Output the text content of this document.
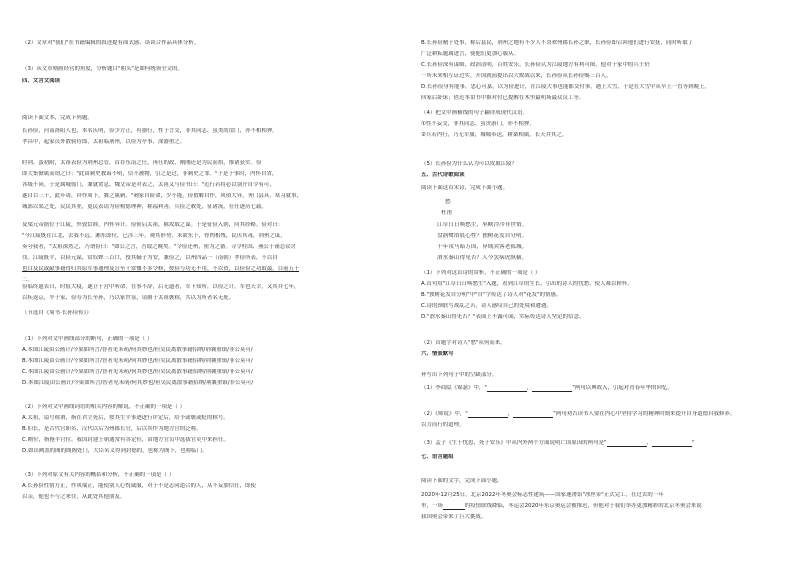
（2）文章对"我们"在书籍编辑的叙述提有面式感，谈谈合作品具体分析。
（3）从文章刻画经营的角度，分析题目"朝头"是如何统领全文的。
四、文言文阅读
阅读下面文本，完成下列题。
长孙俭，河南洛阳人也，本名庆明，俭少方正，有器行，性于言交，非其同志，虽类尚谊门，亦不相相狎。
孝昌中，起家员外散骑侍郎，太祖临荆州，以俭为亭事，深器重之。
时荆、蛮初附，太祖表俭为荆州总管，首荐东南之任，再任的政，刚刚还是为民而拾，推诸获实。俭
即大集僚属而谓之曰："此由刺史教诲不明，信不被物，引之是过，非刺史之罪。"于是于事时，内怀自省，
各级不同。于是属城衙门，兼就宽息，魏文帝是对表之，太祖又与俭书曰："近行若将必以别介自令有可，
遂自目三十，此年周，拜作周下，舞之属刺，"刺家自险命，少不能。俭假解自作，风俗大异，务门县具，寒习就事，
城郭以渠之处，民民其业，更民表请为俭构德理神，称福利善，兵俭之敕处，征诸流，在任逐历七载。
及梁元帝据位于江陵，外敦信睦，内怀异计。俭密启太祖，陈攻取之谋。于是征俭入朝，问其经略。俭对曰：
"今江陵既在江北，去我不远。湘东即位，已涉三年。观其形势，未欲东下，骨肉相残，民厌其毒，荆州之谋，
奏夸我者，"太祖深然之，乃谓俭曰："如公之言，吾取之晚矣。"令俭还州，密为之备。寻令柱国、燕公于谨总众讨
伐。江陵既平，以俭元谋，赏奴婢三百口，授其嫡子为安，兼俭之，以州四品一（南朝）孝俭所表，不以自
也目及民或献事籍得归其原军事通理及宣至十常恤不多令修，按俭与功无不用，不以资，以俭俭之功取最，目前五十
二。
俭临终遗表曰，时值大寝，遂立于营中听命，在事不辞，后无遗者，军下知所，以俭之计，军也天幸，又其并七年，
以疾返京，卒于家，俭寿为长至孙，乃以家世显，请爵于太祖褒称，共以为所者名无庇。
（节选自《周书·长孙俭传》）
（1）下列对文中画线部分的断句，正确的一项是（ ）
A.本图江陵由公画计/今果如所言/智者见未萌/何其妙也/但吴民离散事籍招纳/荆襄重镇/非公莫可/
B.本图江陵由公画计/今果如所言/智者见未萌/何其妙也/但吴民离散事籍招纳/荆襄重镇/非公莫可/
C.本图江陵由公画计/今果如所言/智者见未萌/何其妙也/但吴民离散事籍招纳/荆襄重镇/非公莫可/
D.本图江陵由公画计/今果如所言/智者见未萌/何其妙也/但吴民离散事籍招纳/荆襄重镇/非公莫可/
（2）下列对文中画线词语的相关内容的解说，不正确的一项是（ ）
A.太祖，谥号称谓，指在君主死后，按其生平事迹进行评定后，给予或褒或贬的称号。
B.伯长，是古代官职名，汉代以后为州郡长官，后以其作为地方官的泛称。
C.阙位，指拖半官位。我国封建王朝通常有各定位，由地方官员中选拔官吏中来担任。
D.如出阙盖的阁的阁阁处门，大臣名义得到封德的，也称为阁下，也称临门。
（3）下列对原文有关内容的概括和分析，不正确的一项是（ ）
A.长孙俭性情方正，作风端正，能使别人心悦诚服，对于不是志同道合的人，从不妄加信任，即使
以亲，他也不与之来往，从此处其他朋友。
B.长孙俭精于处事，称后县民，荆州之地有不少人不喜欢州郡长孙之职，长孙俭即召回他们进行安抚，同时听取了
广泛耕耘题属进言，使他们更加心服从。
C.长孙俭深有谋略，政治清明，百姓安乐，长孙俭认为江陵地方有利可图，他对于家中的兵士仍
一所未来相互证过实，开国就前提出以大败战以来，长孙俭从长孙俭赐三百人。
D.长孙俭身有能事，忠心可嘉，以为俭进计，在江陵大事也能都交付事，遇上大雪，于是在大雪中从早上一直等到晚上，
回家后卧床；借近本谊书中推对付已提醒在木里最明场最众员工等。
（4）把文中画横线的句子翻译成现代汉语。
①性不妄交，非其同志，虽贵游门，亦不相狎。
②兵若内行，乃无军旅，城城奉送，耕桑相属，长天并其之。
（5）长孙俭为什么认为可以攻取江陵？
五、古代诗歌阅读
阅读下面这首宋诗，完成下面小题。
愁
杜甫
江草日日唤愁生，巫峡冷冷非世情。
盘涡鹭浴底心性？独树花发自分明。
十年戎马暗万国，异域宾客老孤城。
渭水秦山得见否？人今罢病虎纵横。
（1）下列对这首诗的赏析，不正确的一项是（ ）
A.首句用"江草日日唤愁生"入题，看到江草的生长，引出的诗人的忧愁，使人难以释怀。
B."独树花发自分明"中"自"字传达了诗人对"花发"的情感。
C.诗的颈联写战乱之苦，诗人感叹自己的处境和遭遇。
D."渭水秦山得见否？"表面上不露可闻，实际传达诗人坚定的信念。
（2）首题字对诗人"愁"从何而来。
六、情景默写
补写出下列句子中的空缺部分。
（1）李商隐《锦瑟》中，"	，	"两句以典故入，引起对青春年华的回忆。
（2）《师说》中，"	，	"两句劝告读书人要在内心中坚持学习的精神时刻来提升自身道德自我修养。
以力而行的道理。
（3）孟子《生于忧患，死于安乐》中从内外两个方面说明亡国原因的两句是"	，	"
七、语言题组
阅读下面的文字，完成下面小题。
2020年12月25日，北京2022年冬奥会标志性建筑——国家速滑馆"冰丝带"正式完工，在过去的一年
里，一场	的疫情联线降临，冬运会2020年东京奥运会被推迟，但他对于我们举办更加精彩的北京冬奥会来说
我国奥会带来了巨大挑战。
